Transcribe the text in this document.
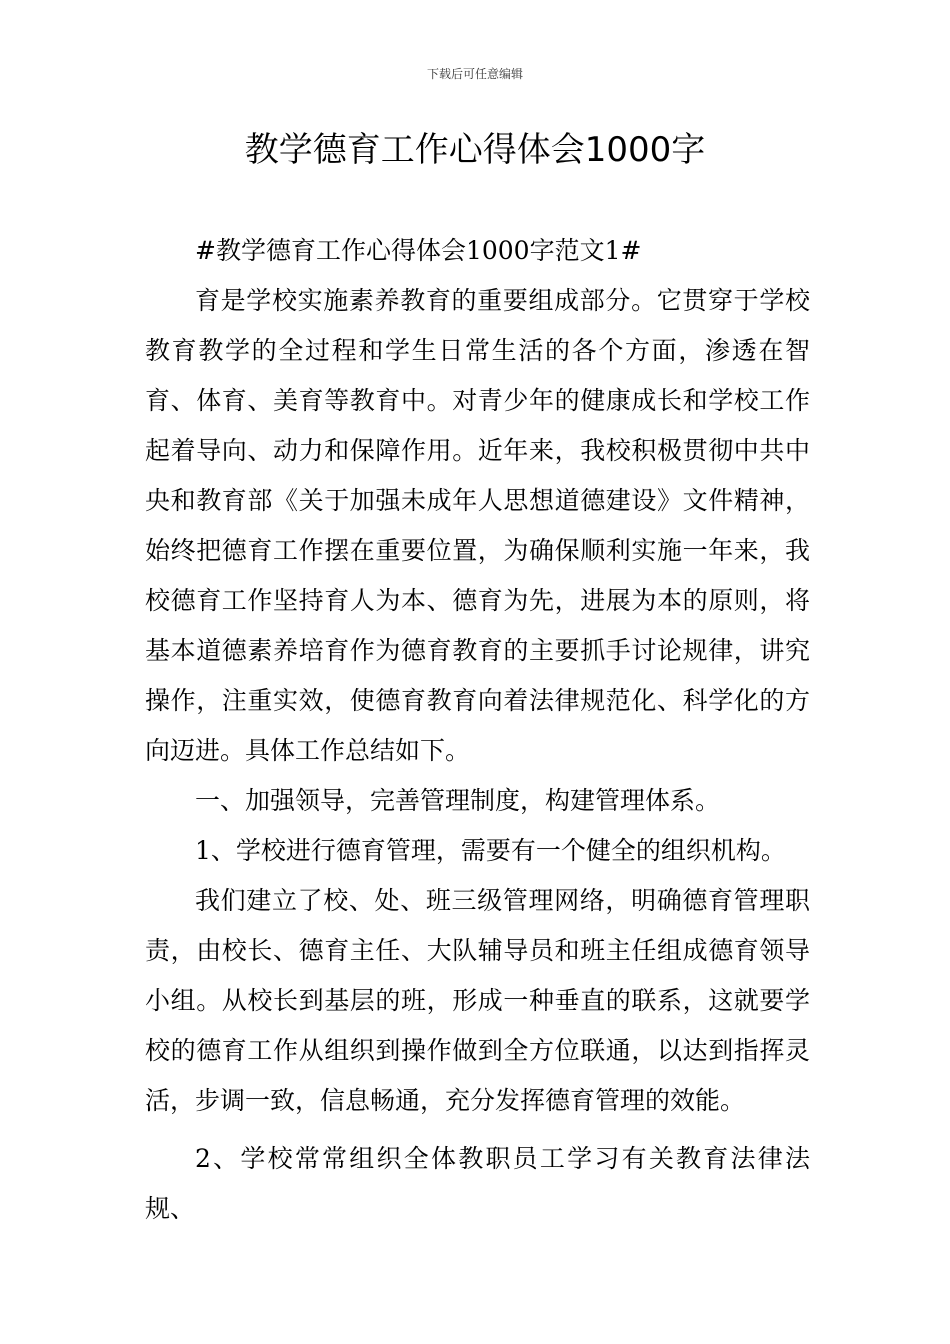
下载后可任意编辑
教学德育工作心得体会1000字

#教学德育工作心得体会1000字范文1#

育是学校实施素养教育的重要组成部分。它贯穿于学校教育教学的全过程和学生日常生活的各个方面，渗透在智育、体育、美育等教育中。对青少年的健康成长和学校工作起着导向、动力和保障作用。近年来，我校积极贯彻中共中央和教育部《关于加强未成年人思想道德建设》文件精神，始终把德育工作摆在重要位置，为确保顺利实施一年来，我校德育工作坚持育人为本、德育为先，进展为本的原则，将基本道德素养培育作为德育教育的主要抓手讨论规律，讲究操作，注重实效，使德育教育向着法律规范化、科学化的方向迈进。具体工作总结如下。

一、加强领导，完善管理制度，构建管理体系。

1、学校进行德育管理，需要有一个健全的组织机构。

我们建立了校、处、班三级管理网络，明确德育管理职责，由校长、德育主任、大队辅导员和班主任组成德育领导小组。从校长到基层的班，形成一种垂直的联系，这就要学校的德育工作从组织到操作做到全方位联通，以达到指挥灵活，步调一致，信息畅通，充分发挥德育管理的效能。

2、学校常常组织全体教职员工学习有关教育法律法规、
